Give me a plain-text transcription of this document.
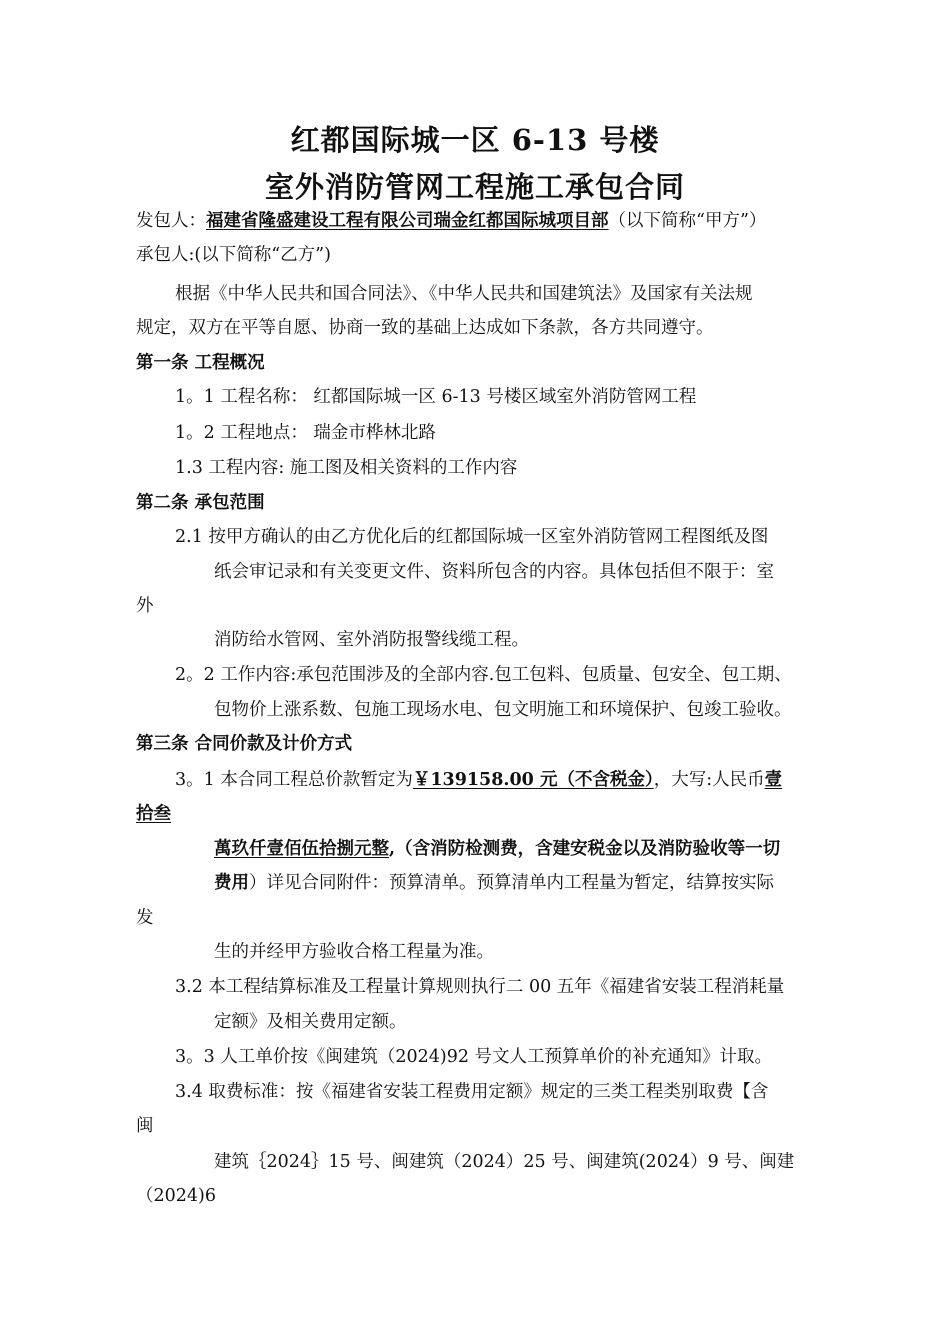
红都国际城一区 6-13 号楼
室外消防管网工程施工承包合同
发包人：福建省隆盛建设工程有限公司瑞金红都国际城项目部（以下简称“甲方”）
承包人:(以下简称“乙方”)
根据《中华人民共和国合同法》、《中华人民共和国建筑法》及国家有关法规
规定，双方在平等自愿、协商一致的基础上达成如下条款，各方共同遵守。
第一条 工程概况
1。1 工程名称： 红都国际城一区 6-13 号楼区域室外消防管网工程
1。2 工程地点： 瑞金市桦林北路
1.3 工程内容: 施工图及相关资料的工作内容
第二条 承包范围
2.1 按甲方确认的由乙方优化后的红都国际城一区室外消防管网工程图纸及图
纸会审记录和有关变更文件、资料所包含的内容。具体包括但不限于：室
外
消防给水管网、室外消防报警线缆工程。
2。2 工作内容:承包范围涉及的全部内容.包工包料、包质量、包安全、包工期、
包物价上涨系数、包施工现场水电、包文明施工和环境保护、包竣工验收。
第三条 合同价款及计价方式
3。1 本合同工程总价款暂定为￥139158.00 元（不含税金），大写:人民币壹
拾叁
萬玖仟壹佰伍拾捌元整,（含消防检测费，含建安税金以及消防验收等一切
费用）详见合同附件：预算清单。预算清单内工程量为暂定，结算按实际
发
生的并经甲方验收合格工程量为准。
3.2 本工程结算标准及工程量计算规则执行二 00 五年《福建省安装工程消耗量
定额》及相关费用定额。
3。3 人工单价按《闽建筑（2024)92 号文人工预算单价的补充通知》计取。
3.4 取费标准：按《福建省安装工程费用定额》规定的三类工程类别取费【含
闽
建筑｛2024｝15 号、闽建筑（2024）25 号、闽建筑(2024）9 号、闽建
（2024)6
